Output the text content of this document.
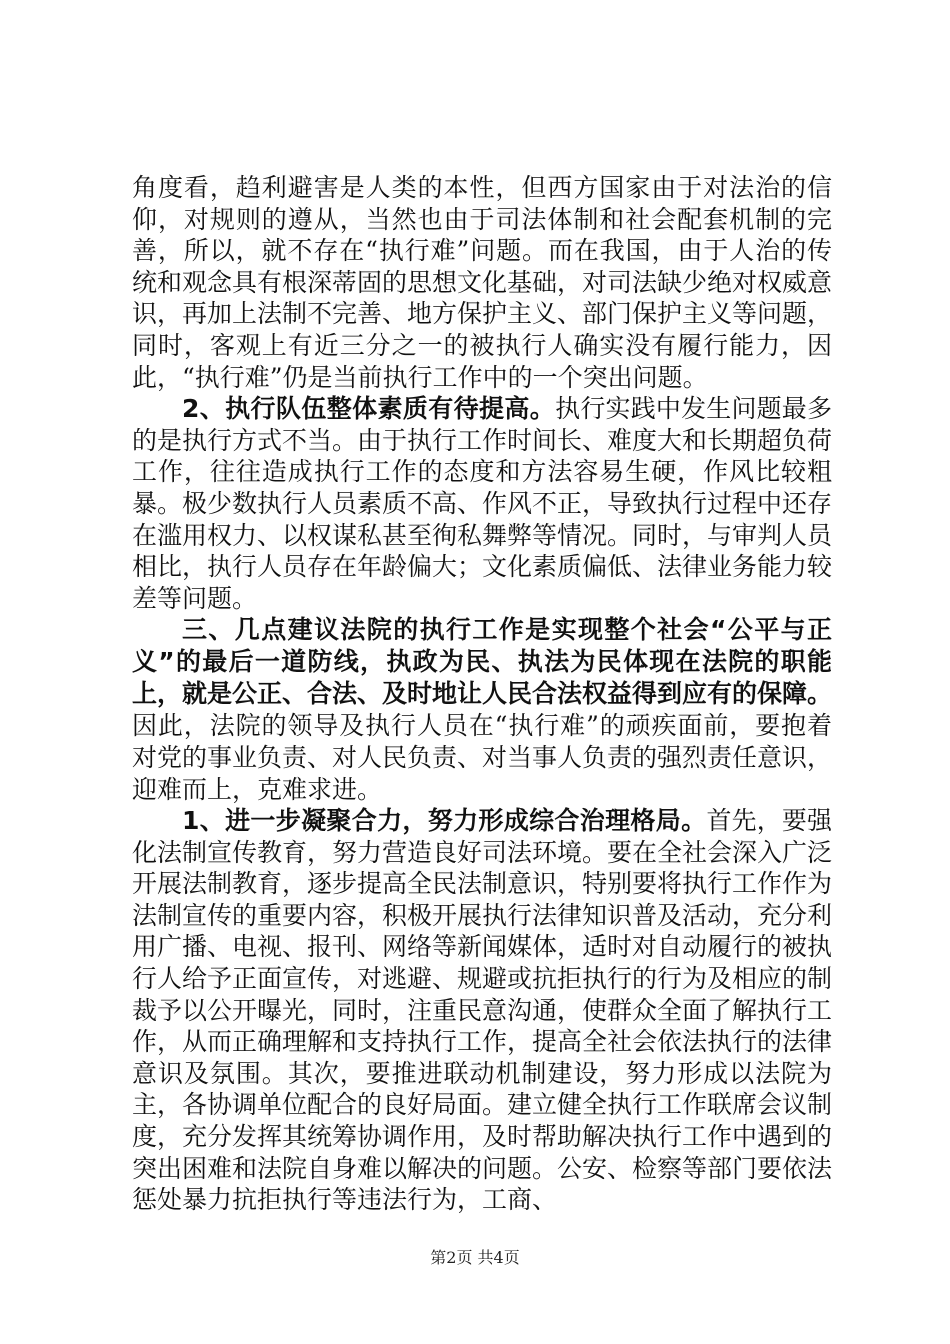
角度看，趋利避害是人类的本性，但西方国家由于对法治的信仰，对规则的遵从，当然也由于司法体制和社会配套机制的完善，所以，就不存在“执行难”问题。而在我国，由于人治的传统和观念具有根深蒂固的思想文化基础，对司法缺少绝对权威意识，再加上法制不完善、地方保护主义、部门保护主义等问题，同时，客观上有近三分之一的被执行人确实没有履行能力，因此，“执行难”仍是当前执行工作中的一个突出问题。

2、执行队伍整体素质有待提高。执行实践中发生问题最多的是执行方式不当。由于执行工作时间长、难度大和长期超负荷工作，往往造成执行工作的态度和方法容易生硬，作风比较粗暴。极少数执行人员素质不高、作风不正，导致执行过程中还存在滥用权力、以权谋私甚至徇私舞弊等情况。同时，与审判人员相比，执行人员存在年龄偏大；文化素质偏低、法律业务能力较差等问题。

三、几点建议法院的执行工作是实现整个社会“公平与正义”的最后一道防线，执政为民、执法为民体现在法院的职能上，就是公正、合法、及时地让人民合法权益得到应有的保障。因此，法院的领导及执行人员在“执行难”的顽疾面前，要抱着对党的事业负责、对人民负责、对当事人负责的强烈责任意识，迎难而上，克难求进。

1、进一步凝聚合力，努力形成综合治理格局。首先，要强化法制宣传教育，努力营造良好司法环境。要在全社会深入广泛开展法制教育，逐步提高全民法制意识，特别要将执行工作作为法制宣传的重要内容，积极开展执行法律知识普及活动，充分利用广播、电视、报刊、网络等新闻媒体，适时对自动履行的被执行人给予正面宣传，对逃避、规避或抗拒执行的行为及相应的制裁予以公开曝光，同时，注重民意沟通，使群众全面了解执行工作，从而正确理解和支持执行工作，提高全社会依法执行的法律意识及氛围。其次，要推进联动机制建设，努力形成以法院为主，各协调单位配合的良好局面。建立健全执行工作联席会议制度，充分发挥其统筹协调作用，及时帮助解决执行工作中遇到的突出困难和法院自身难以解决的问题。公安、检察等部门要依法惩处暴力抗拒执行等违法行为，工商、

第2页 共4页
